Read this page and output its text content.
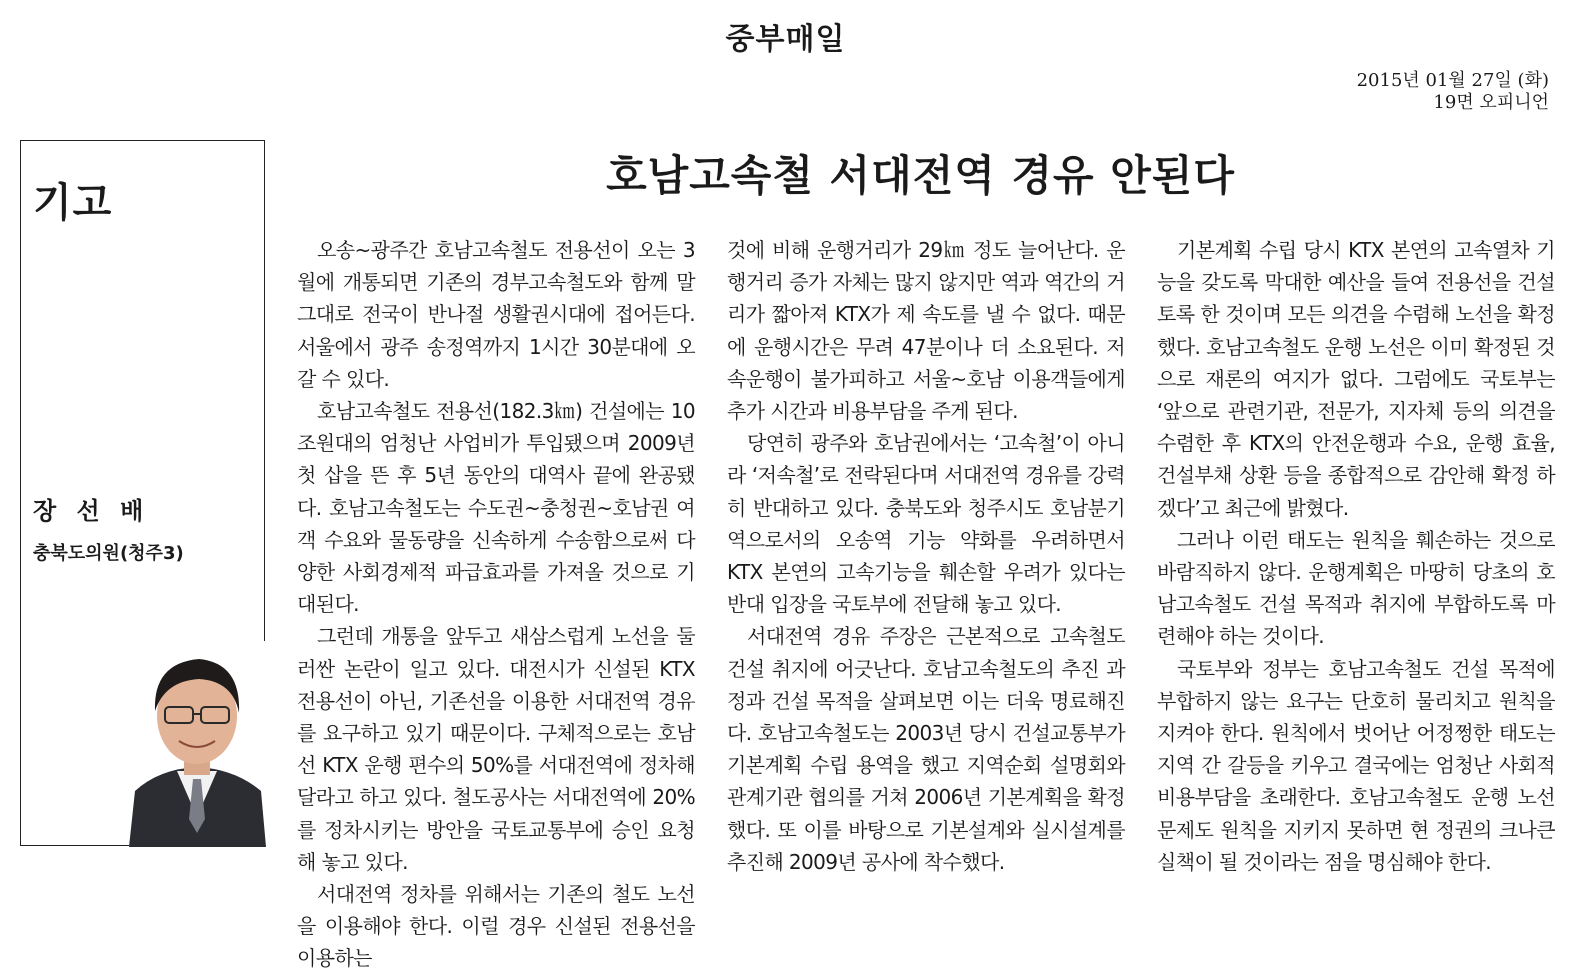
중부매일
2015년 01월 27일 (화)
19면 오피니언
기고
장 선 배
충북도의원(청주3)
호남고속철 서대전역 경유 안된다

오송~광주간 호남고속철도 전용선이 오는 3월에 개통되면 기존의 경부고속철도와 함께 말 그대로 전국이 반나절 생활권시대에 접어든다. 서울에서 광주 송정역까지 1시간 30분대에 오갈 수 있다.

호남고속철도 전용선(182.3㎞) 건설에는 10조원대의 엄청난 사업비가 투입됐으며 2009년 첫 삽을 뜬 후 5년 동안의 대역사 끝에 완공됐다. 호남고속철도는 수도권~충청권~호남권 여객 수요와 물동량을 신속하게 수송함으로써 다양한 사회경제적 파급효과를 가져올 것으로 기대된다.

그런데 개통을 앞두고 새삼스럽게 노선을 둘러싼 논란이 일고 있다. 대전시가 신설된 KTX 전용선이 아닌, 기존선을 이용한 서대전역 경유를 요구하고 있기 때문이다. 구체적으로는 호남선 KTX 운행 편수의 50%를 서대전역에 정차해 달라고 하고 있다. 철도공사는 서대전역에 20%를 정차시키는 방안을 국토교통부에 승인 요청해 놓고 있다.

서대전역 정차를 위해서는 기존의 철도 노선을 이용해야 한다. 이럴 경우 신설된 전용선을 이용하는

것에 비해 운행거리가 29㎞ 정도 늘어난다. 운행거리 증가 자체는 많지 않지만 역과 역간의 거리가 짧아져 KTX가 제 속도를 낼 수 없다. 때문에 운행시간은 무려 47분이나 더 소요된다. 저속운행이 불가피하고 서울~호남 이용객들에게 추가 시간과 비용부담을 주게 된다.

당연히 광주와 호남권에서는 ‘고속철’이 아니라 ‘저속철’로 전락된다며 서대전역 경유를 강력히 반대하고 있다. 충북도와 청주시도 호남분기역으로서의 오송역 기능 약화를 우려하면서 KTX 본연의 고속기능을 훼손할 우려가 있다는 반대 입장을 국토부에 전달해 놓고 있다.

서대전역 경유 주장은 근본적으로 고속철도 건설 취지에 어긋난다. 호남고속철도의 추진 과정과 건설 목적을 살펴보면 이는 더욱 명료해진다. 호남고속철도는 2003년 당시 건설교통부가 기본계획 수립 용역을 했고 지역순회 설명회와 관계기관 협의를 거쳐 2006년 기본계획을 확정했다. 또 이를 바탕으로 기본설계와 실시설계를 추진해 2009년 공사에 착수했다.

기본계획 수립 당시 KTX 본연의 고속열차 기능을 갖도록 막대한 예산을 들여 전용선을 건설토록 한 것이며 모든 의견을 수렴해 노선을 확정했다. 호남고속철도 운행 노선은 이미 확정된 것으로 재론의 여지가 없다. 그럼에도 국토부는 ‘앞으로 관련기관, 전문가, 지자체 등의 의견을 수렴한 후 KTX의 안전운행과 수요, 운행 효율, 건설부채 상환 등을 종합적으로 감안해 확정 하겠다’고 최근에 밝혔다.

그러나 이런 태도는 원칙을 훼손하는 것으로 바람직하지 않다. 운행계획은 마땅히 당초의 호남고속철도 건설 목적과 취지에 부합하도록 마련해야 하는 것이다.

국토부와 정부는 호남고속철도 건설 목적에 부합하지 않는 요구는 단호히 물리치고 원칙을 지켜야 한다. 원칙에서 벗어난 어정쩡한 태도는 지역 간 갈등을 키우고 결국에는 엄청난 사회적 비용부담을 초래한다. 호남고속철도 운행 노선 문제도 원칙을 지키지 못하면 현 정권의 크나큰 실책이 될 것이라는 점을 명심해야 한다.
